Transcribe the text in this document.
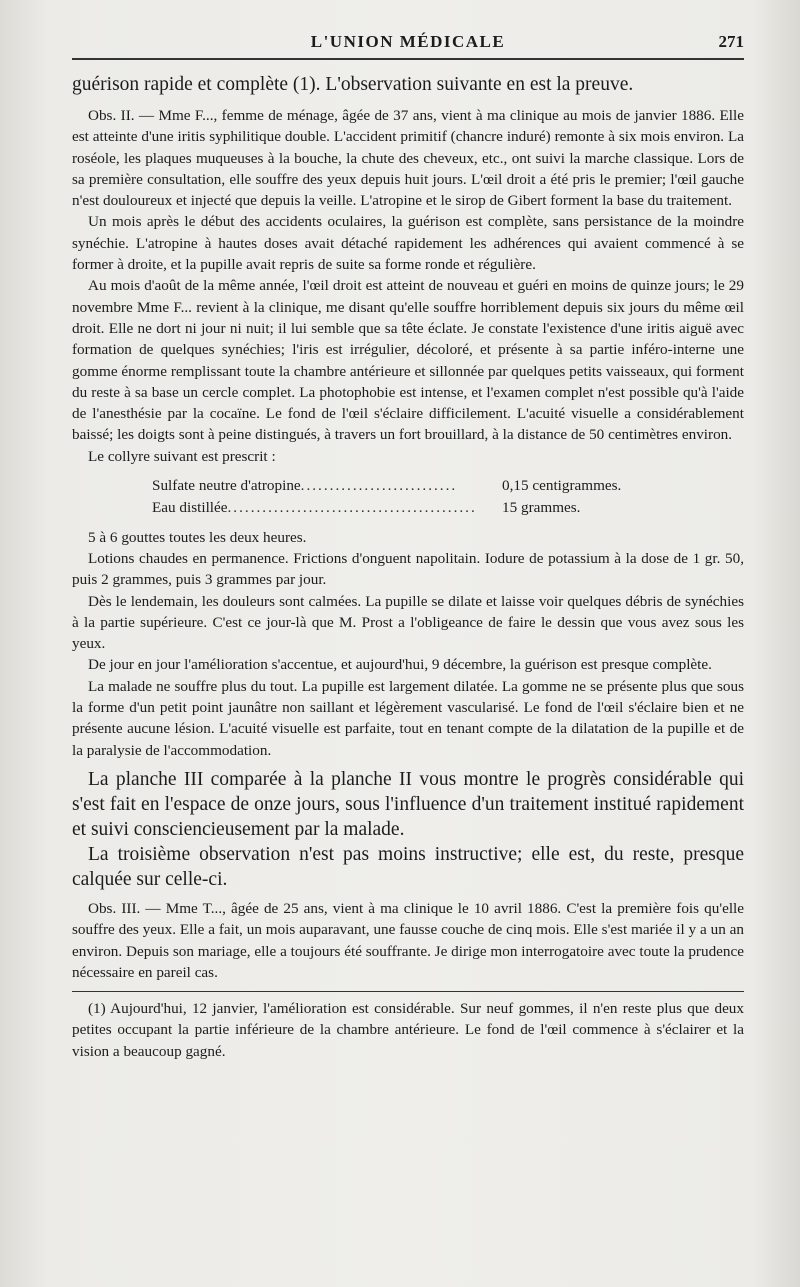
L'UNION MÉDICALE	271

guérison rapide et complète (1). L'observation suivante en est la preuve.

Obs. II. — Mme F..., femme de ménage, âgée de 37 ans, vient à ma clinique au mois de janvier 1886. Elle est atteinte d'une iritis syphilitique double. L'accident primitif (chancre induré) remonte à six mois environ. La roséole, les plaques muqueuses à la bouche, la chute des cheveux, etc., ont suivi la marche classique. Lors de sa première consultation, elle souffre des yeux depuis huit jours. L'œil droit a été pris le premier; l'œil gauche n'est douloureux et injecté que depuis la veille. L'atropine et le sirop de Gibert forment la base du traitement.

Un mois après le début des accidents oculaires, la guérison est complète, sans persistance de la moindre synéchie. L'atropine à hautes doses avait détaché rapidement les adhérences qui avaient commencé à se former à droite, et la pupille avait repris de suite sa forme ronde et régulière.

Au mois d'août de la même année, l'œil droit est atteint de nouveau et guéri en moins de quinze jours; le 29 novembre Mme F... revient à la clinique, me disant qu'elle souffre horriblement depuis six jours du même œil droit. Elle ne dort ni jour ni nuit; il lui semble que sa tête éclate. Je constate l'existence d'une iritis aiguë avec formation de quelques synéchies; l'iris est irrégulier, décoloré, et présente à sa partie inféro-interne une gomme énorme remplissant toute la chambre antérieure et sillonnée par quelques petits vaisseaux, qui forment du reste à sa base un cercle complet. La photophobie est intense, et l'examen complet n'est possible qu'à l'aide de l'anesthésie par la cocaïne. Le fond de l'œil s'éclaire difficilement. L'acuité visuelle a considérablement baissé; les doigts sont à peine distingués, à travers un fort brouillard, à la distance de 50 centimètres environ.

Le collyre suivant est prescrit :

Sulfate neutre d'atropine ...........................	0,15 centigrammes.
Eau distillée ...........................................	15 grammes.

5 à 6 gouttes toutes les deux heures.

Lotions chaudes en permanence. Frictions d'onguent napolitain. Iodure de potassium à la dose de 1 gr. 50, puis 2 grammes, puis 3 grammes par jour.

Dès le lendemain, les douleurs sont calmées. La pupille se dilate et laisse voir quelques débris de synéchies à la partie supérieure. C'est ce jour-là que M. Prost a l'obligeance de faire le dessin que vous avez sous les yeux.

De jour en jour l'amélioration s'accentue, et aujourd'hui, 9 décembre, la guérison est presque complète.

La malade ne souffre plus du tout. La pupille est largement dilatée. La gomme ne se présente plus que sous la forme d'un petit point jaunâtre non saillant et légèrement vascularisé. Le fond de l'œil s'éclaire bien et ne présente aucune lésion. L'acuité visuelle est parfaite, tout en tenant compte de la dilatation de la pupille et de la paralysie de l'accommodation.

La planche III comparée à la planche II vous montre le progrès considérable qui s'est fait en l'espace de onze jours, sous l'influence d'un traitement institué rapidement et suivi consciencieusement par la malade.

La troisième observation n'est pas moins instructive; elle est, du reste, presque calquée sur celle-ci.

Obs. III. — Mme T..., âgée de 25 ans, vient à ma clinique le 10 avril 1886. C'est la première fois qu'elle souffre des yeux. Elle a fait, un mois auparavant, une fausse couche de cinq mois. Elle s'est mariée il y a un an environ. Depuis son mariage, elle a toujours été souffrante. Je dirige mon interrogatoire avec toute la prudence nécessaire en pareil cas.

(1) Aujourd'hui, 12 janvier, l'amélioration est considérable. Sur neuf gommes, il n'en reste plus que deux petites occupant la partie inférieure de la chambre antérieure. Le fond de l'œil commence à s'éclairer et la vision a beaucoup gagné.
